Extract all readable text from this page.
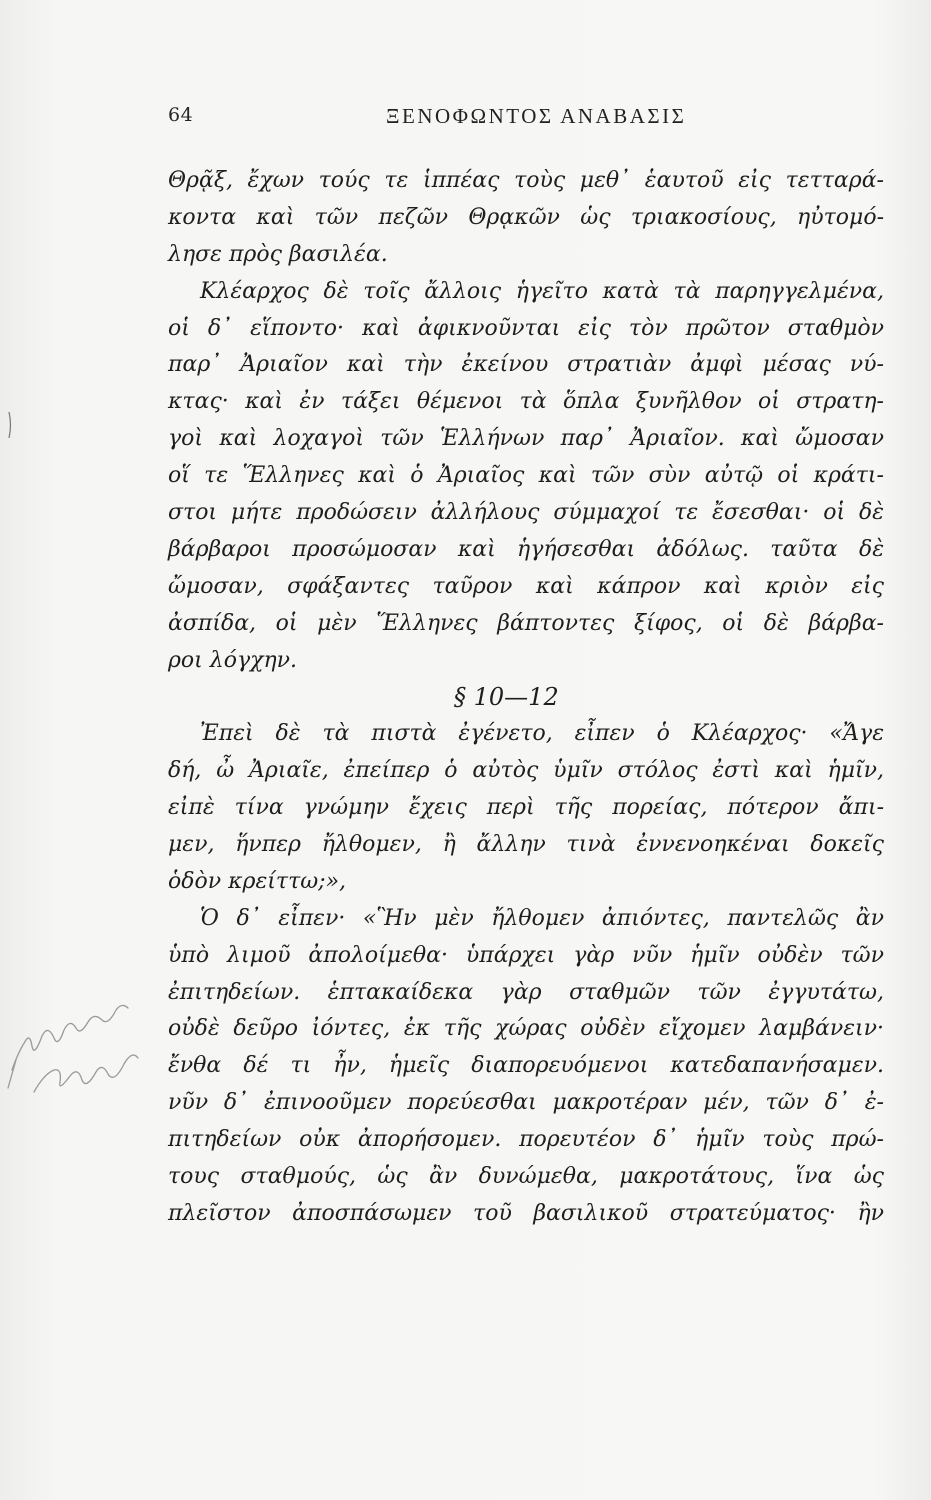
64	ΞΕΝΟΦΩΝΤΟΣ ΑΝΑΒΑΣΙΣ
Θρᾷξ, ἔχων τούς τε ἱππέας τοὺς μεθ᾽ ἑαυτοῦ εἰς τετταρά-
κοντα καὶ τῶν πεζῶν Θρᾳκῶν ὡς τριακοσίους, ηὐτομό-
λησε πρὸς βασιλέα.
Κλέαρχος δὲ τοῖς ἄλλοις ἡγεῖτο κατὰ τὰ παρηγγελμένα,
οἱ δ᾽ εἵποντο· καὶ ἀφικνοῦνται εἰς τὸν πρῶτον σταθμὸν
παρ᾽ Ἀριαῖον καὶ τὴν ἐκείνου στρατιὰν ἀμφὶ μέσας νύ-
κτας· καὶ ἐν τάξει θέμενοι τὰ ὅπλα ξυνῆλθον οἱ στρατη-
γοὶ καὶ λοχαγοὶ τῶν Ἑλλήνων παρ᾽ Ἀριαῖον. καὶ ὤμοσαν
οἵ τε Ἕλληνες καὶ ὁ Ἀριαῖος καὶ τῶν σὺν αὐτῷ οἱ κράτι-
στοι μήτε προδώσειν ἀλλήλους σύμμαχοί τε ἔσεσθαι· οἱ δὲ
βάρβαροι προσώμοσαν καὶ ἡγήσεσθαι ἀδόλως. ταῦτα δὲ
ὤμοσαν, σφάξαντες ταῦρον καὶ κάπρον καὶ κριὸν εἰς
ἀσπίδα, οἱ μὲν Ἕλληνες βάπτοντες ξίφος, οἱ δὲ βάρβα-
ροι λόγχην.
§ 10—12
Ἐπεὶ δὲ τὰ πιστὰ ἐγένετο, εἶπεν ὁ Κλέαρχος· «Ἄγε
δή, ὦ Ἀριαῖε, ἐπείπερ ὁ αὐτὸς ὑμῖν στόλος ἐστὶ καὶ ἡμῖν,
εἰπὲ τίνα γνώμην ἔχεις περὶ τῆς πορείας, πότερον ἄπι-
μεν, ἥνπερ ἤλθομεν, ἢ ἄλλην τινὰ ἐννενοηκέναι δοκεῖς
ὁδὸν κρείττω;»,
Ὁ δ᾽ εἶπεν· «Ἣν μὲν ἤλθομεν ἀπιόντες, παντελῶς ἂν
ὑπὸ λιμοῦ ἀπολοίμεθα· ὑπάρχει γὰρ νῦν ἡμῖν οὐδὲν τῶν
ἐπιτηδείων. ἑπτακαίδεκα γὰρ σταθμῶν τῶν ἐγγυτάτω,
οὐδὲ δεῦρο ἰόντες, ἐκ τῆς χώρας οὐδὲν εἴχομεν λαμβάνειν·
ἔνθα δέ τι ἦν, ἡμεῖς διαπορευόμενοι κατεδαπανήσαμεν.
νῦν δ᾽ ἐπινοοῦμεν πορεύεσθαι μακροτέραν μέν, τῶν δ᾽ ἐ-
πιτηδείων οὐκ ἀπορήσομεν. πορευτέον δ᾽ ἡμῖν τοὺς πρώ-
τους σταθμούς, ὡς ἂν δυνώμεθα, μακροτάτους, ἵνα ὡς
πλεῖστον ἀποσπάσωμεν τοῦ βασιλικοῦ στρατεύματος· ἢν
